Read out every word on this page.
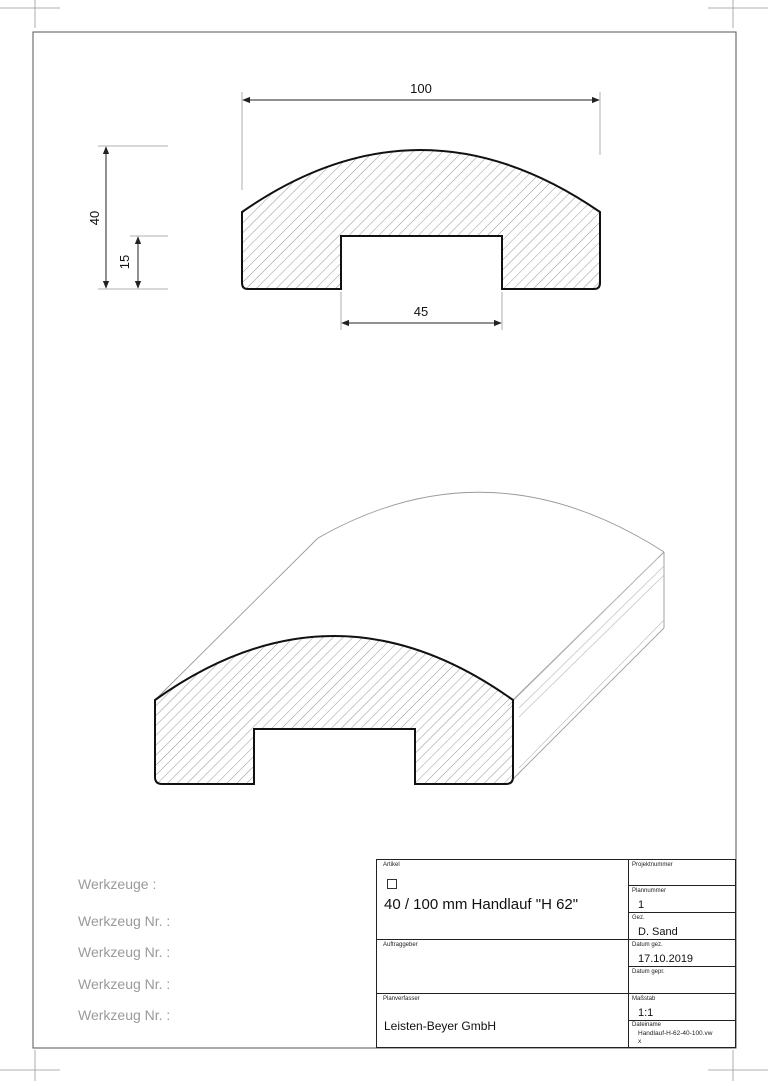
100
40
15
45
Werkzeuge :
Werkzeug Nr. :
Werkzeug Nr. :
Werkzeug Nr. :
Werkzeug Nr. :
Artikel
40 / 100 mm Handlauf "H 62"
Auftraggeber
Planverfasser
Leisten-Beyer GmbH
Projektnummer
Plannummer
1
Gez.
D. Sand
Datum gez.
17.10.2019
Datum gepr.
Maßstab
1:1
Dateiname
Handlauf-H-62-40-100.vw
x
